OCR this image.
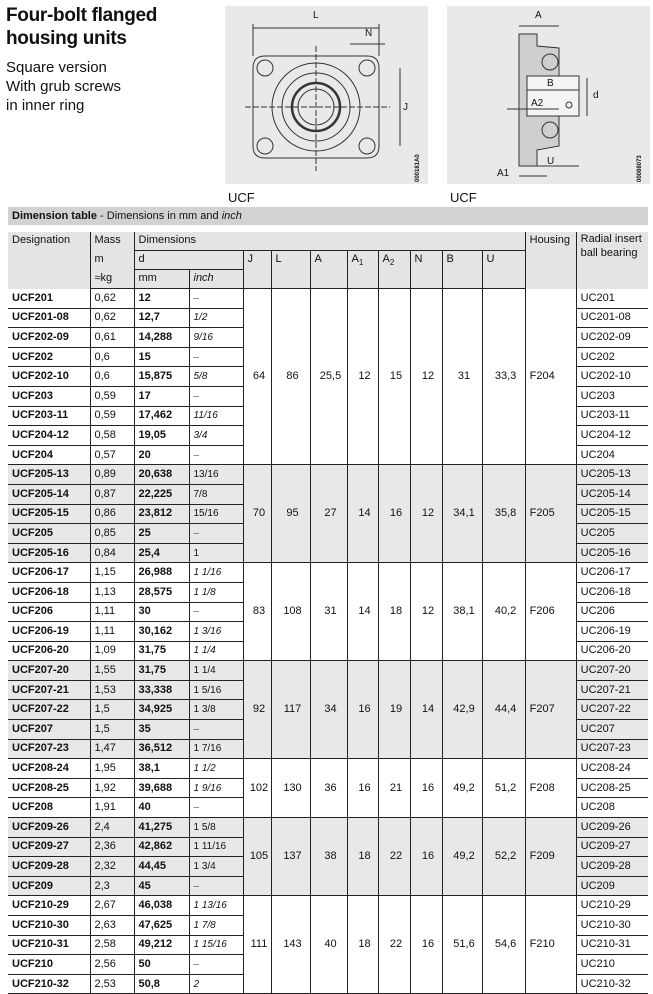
Four-bolt flanged
housing units
Square version
With grub screws
in inner ring
L
N
J
000181A0
A
B
A2
d
A1
U	00088073
UCF	UCF
Dimension table - Dimensions in mm and inch
Designation	Mass	Dimensions										Housing	Radial insert ball bearing
	m	d		J	L	A	$A_1$	$A_2$	N	B	U		
	≈kg	mm	inch										
UCF201	0,62	12	–	64	86	25,5	12	15	12	31	33,3	F204	UC201
UCF201-08	0,62	12,7	1/2										UC201-08
UCF202-09	0,61	14,288	9/16										UC202-09
UCF202	0,6	15	–										UC202
UCF202-10	0,6	15,875	5/8										UC202-10
UCF203	0,59	17	–										UC203
UCF203-11	0,59	17,462	11/16										UC203-11
UCF204-12	0,58	19,05	3/4										UC204-12
UCF204	0,57	20	–										UC204
UCF205-13	0,89	20,638	13/16	70	95	27	14	16	12	34,1	35,8	F205	UC205-13
UCF205-14	0,87	22,225	7/8										UC205-14
UCF205-15	0,86	23,812	15/16										UC205-15
UCF205	0,85	25	–										UC205
UCF205-16	0,84	25,4	1										UC205-16
UCF206-17	1,15	26,988	1 1/16	83	108	31	14	18	12	38,1	40,2	F206	UC206-17
UCF206-18	1,13	28,575	1 1/8										UC206-18
UCF206	1,11	30	–										UC206
UCF206-19	1,11	30,162	1 3/16										UC206-19
UCF206-20	1,09	31,75	1 1/4										UC206-20
UCF207-20	1,55	31,75	1 1/4	92	117	34	16	19	14	42,9	44,4	F207	UC207-20
UCF207-21	1,53	33,338	1 5/16										UC207-21
UCF207-22	1,5	34,925	1 3/8										UC207-22
UCF207	1,5	35	–										UC207
UCF207-23	1,47	36,512	1 7/16										UC207-23
UCF208-24	1,95	38,1	1 1/2	102	130	36	16	21	16	49,2	51,2	F208	UC208-24
UCF208-25	1,92	39,688	1 9/16										UC208-25
UCF208	1,91	40	–										UC208
UCF209-26	2,4	41,275	1 5/8	105	137	38	18	22	16	49,2	52,2	F209	UC209-26
UCF209-27	2,36	42,862	1 11/16										UC209-27
UCF209-28	2,32	44,45	1 3/4										UC209-28
UCF209	2,3	45	–										UC209
UCF210-29	2,67	46,038	1 13/16	111	143	40	18	22	16	51,6	54,6	F210	UC210-29
UCF210-30	2,63	47,625	1 7/8										UC210-30
UCF210-31	2,58	49,212	1 15/16										UC210-31
UCF210	2,56	50	–										UC210
UCF210-32	2,53	50,8	2										UC210-32
